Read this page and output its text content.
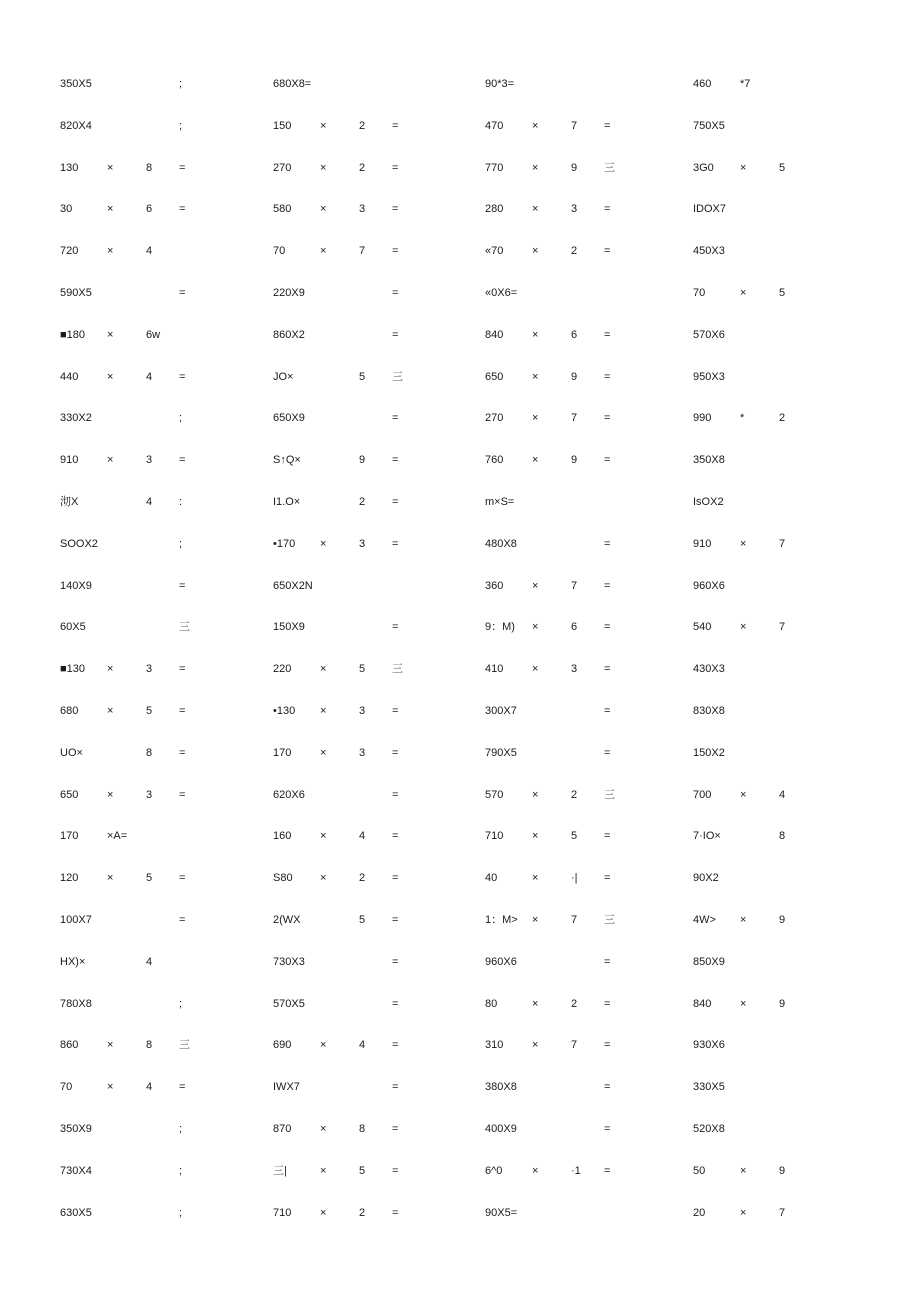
350X5	;	680X8=	90*3=	460	*7
820X4	;	150	×	2 =	470	×	7 =	750X5
130	×	8 =	270	×	2 =	770	×	9 三	3G0 ×	5
30	×	6 =	580	×	3 =	280	×	3 =	IDOX7
720	×	4	70	×	7 =	«70	×	2 =	450X3
590X5	=	220X9	=	«0X6=	70	×	5
■180 ×	6w	860X2	=	840	×	6 =	570X6
440	×	4 =	JO×	5 三	650	×	9 =	950X3
330X2	;	650X9	=	270	×	7 =	990	*	2
910	×	3 =	S↑Q×	9 =	760	×	9 =	350X8
沏X	4 :	I1.O×	2 =	m×S=	IsOX2
SOOX2	;	•170 ×	3 =	480X8	=	910	×	7
140X9	=	650X2N	360	×	7 =	960X6
60X5	三	150X9	=	9：M) ×	6 =	540	×	7
■130 ×	3 =	220	×	5 三	410	×	3 =	430X3
680	×	5 =	•130 ×	3 =	300X7	=	830X8
UO×	8 =	170	×	3 =	790X5	=	150X2
650	×	3 =	620X6	=	570	×	2 三	700	×	4
170	×A=	160	×	4 =	710	×	5 =	7·IO×	8
120	×	5 =	S80 ×	2 =	40	×	·| =	90X2
100X7	=	2(WX	5 =	1：M> ×	7 三	4W> ×	9
HX)×	4	730X3	=	960X6	=	850X9
780X8	;	570X5	=	80	×	2 =	840	×	9
860	×	8 三	690	×	4 =	310	×	7 =	930X6
70	×	4 =	IWX7	=	380X8	=	330X5
350X9	;	870	×	8 =	400X9	=	520X8
730X4	;	三|	×	5 =	6^0	×	·1 =	50	×	9
630X5	;	710	×	2 =	90X5=	20	×	7
